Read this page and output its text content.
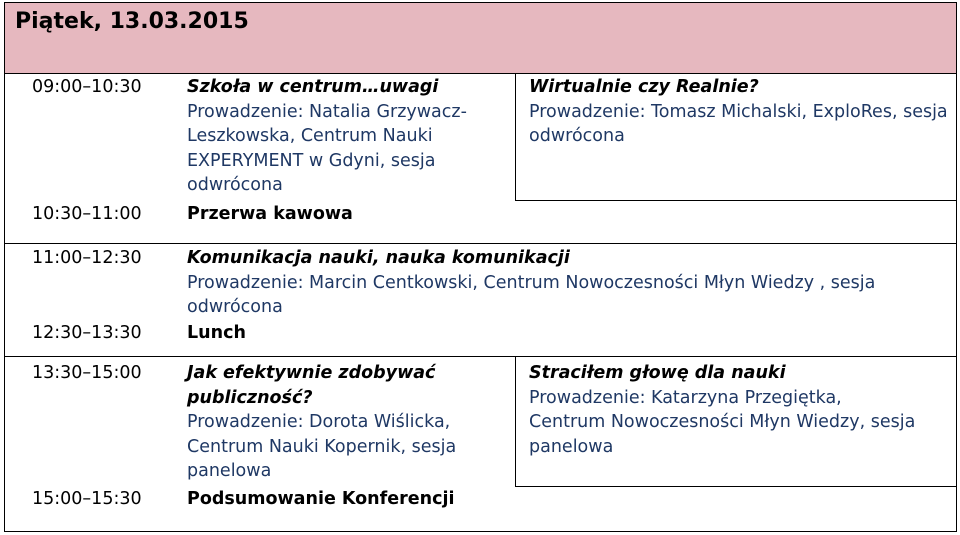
Piątek, 13.03.2015
09:00–10:30	Szkoła w centrum…uwagi
Prowadzenie: Natalia Grzywacz-Leszkowska, Centrum Nauki EXPERYMENT w Gdyni, sesja odwrócona
Wirtualnie czy Realnie?
Prowadzenie: Tomasz Michalski, ExploRes, sesja odwrócona
10:30–11:00	Przerwa kawowa
11:00–12:30	Komunikacja nauki, nauka komunikacji
Prowadzenie: Marcin Centkowski, Centrum Nowoczesności Młyn Wiedzy , sesja odwrócona
12:30–13:30	Lunch
13:30–15:00	Jak efektywnie zdobywać publiczność?
Prowadzenie: Dorota Wiślicka, Centrum Nauki Kopernik, sesja panelowa
Straciłem głowę dla nauki
Prowadzenie: Katarzyna Przegiętka, Centrum Nowoczesności Młyn Wiedzy, sesja panelowa
15:00–15:30	Podsumowanie Konferencji
